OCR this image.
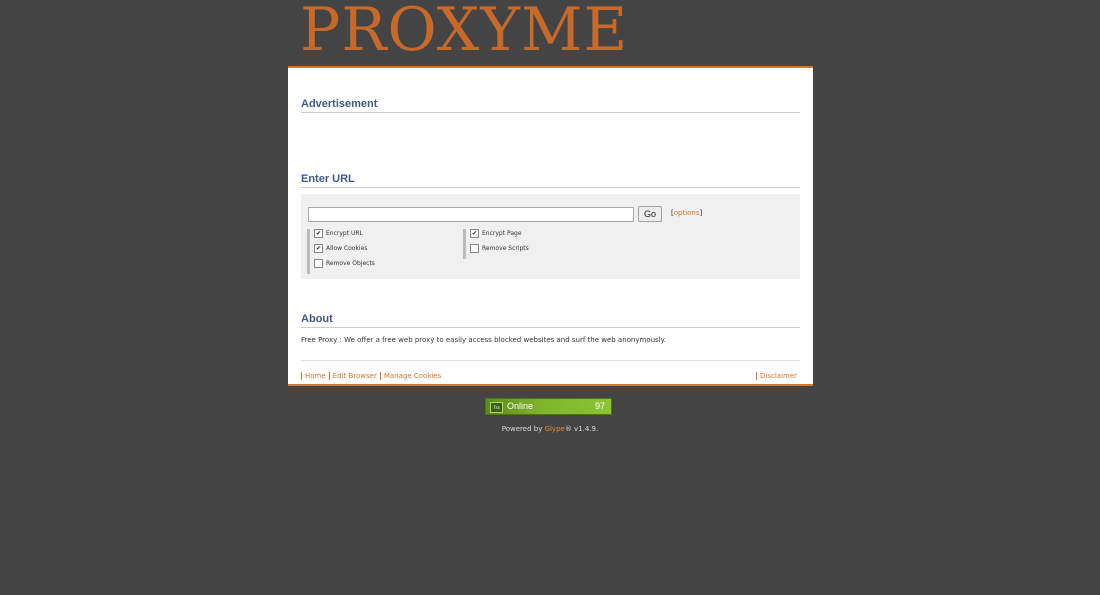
PROXYME
Advertisement
Enter URL
Go	[options]
✔ Encrypt URL
✔ Allow Cookies
Remove Objects
✔ Encrypt Page
Remove Scripts
About
Free Proxy : We offer a free web proxy to easily access blocked websites and surf the web anonymously.
Home Edit Browser Manage Cookies	Disclaimer
7ss Online	97
Powered by Glype® v1.4.9.
